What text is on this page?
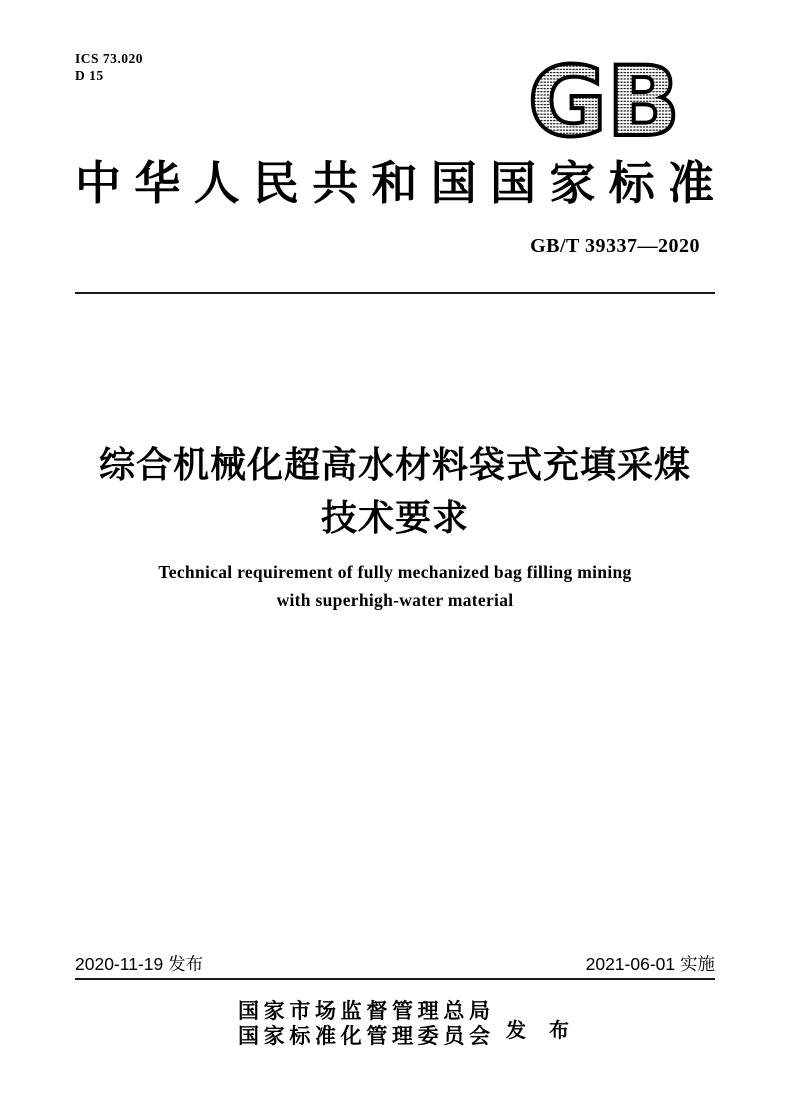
ICS 73.020
D 15	GB
中华人民共和国国家标准
GB/T 39337—2020
综合机械化超高水材料袋式充填采煤
技术要求
Technical requirement of fully mechanized bag filling mining
with superhigh-water material
2020-11-19 发布	2021-06-01 实施
国家市场监督管理总局
国家标准化管理委员会 发 布
